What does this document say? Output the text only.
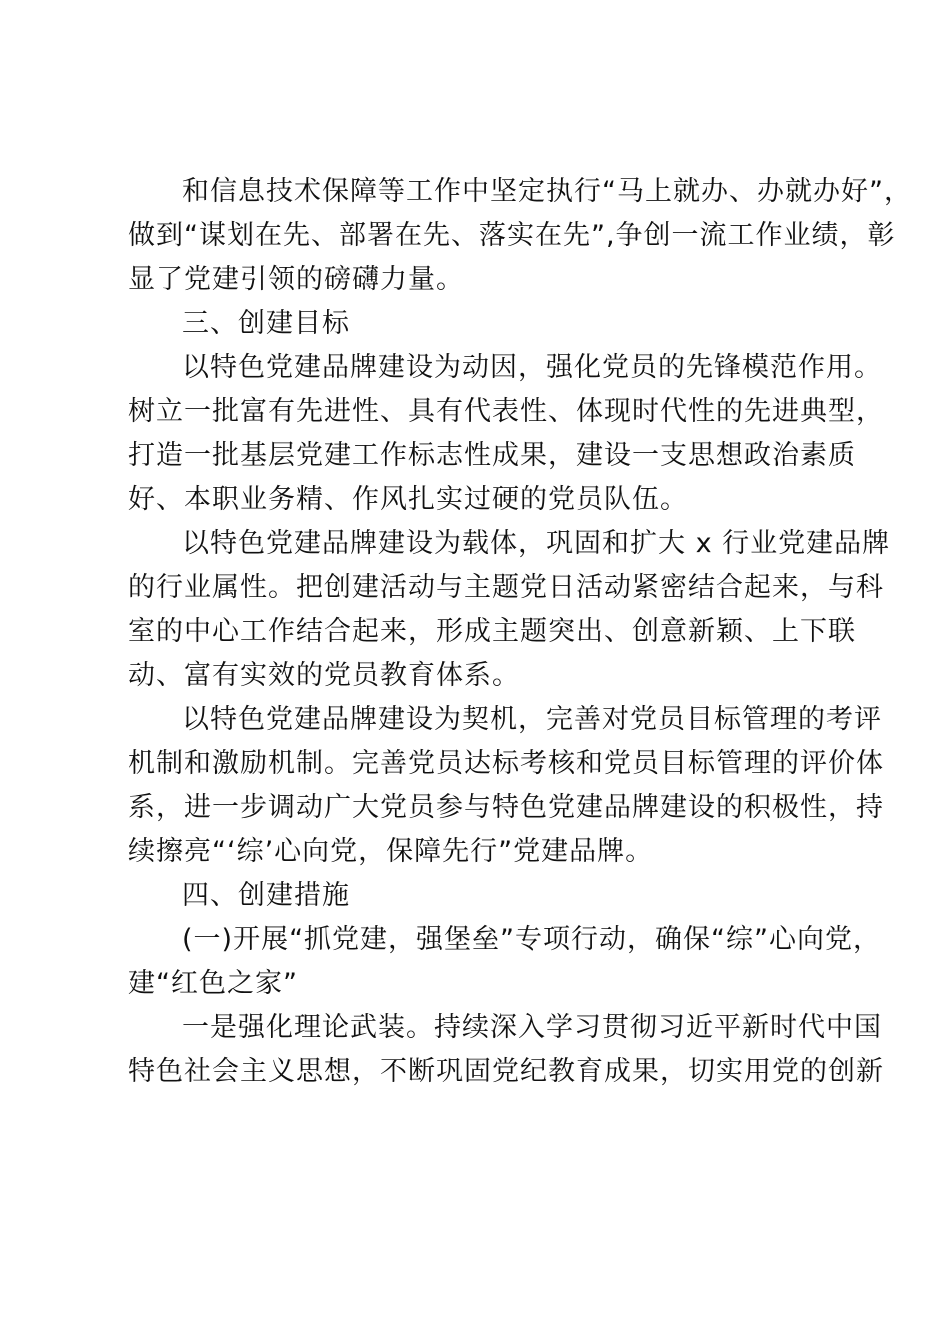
和信息技术保障等工作中坚定执行“马上就办、办就办好”，
做到“谋划在先、部署在先、落实在先”,争创一流工作业绩，彰
显了党建引领的磅礴力量。
三、创建目标
以特色党建品牌建设为动因，强化党员的先锋模范作用。
树立一批富有先进性、具有代表性、体现时代性的先进典型，
打造一批基层党建工作标志性成果，建设一支思想政治素质
好、本职业务精、作风扎实过硬的党员队伍。
以特色党建品牌建设为载体，巩固和扩大 x 行业党建品牌
的行业属性。把创建活动与主题党日活动紧密结合起来，与科
室的中心工作结合起来，形成主题突出、创意新颖、上下联
动、富有实效的党员教育体系。
以特色党建品牌建设为契机，完善对党员目标管理的考评
机制和激励机制。完善党员达标考核和党员目标管理的评价体
系，进一步调动广大党员参与特色党建品牌建设的积极性，持
续擦亮“‘综’心向党，保障先行”党建品牌。
四、创建措施
(一)开展“抓党建，强堡垒”专项行动，确保“综”心向党，
建“红色之家”
一是强化理论武装。持续深入学习贯彻习近平新时代中国
特色社会主义思想，不断巩固党纪教育成果，切实用党的创新
